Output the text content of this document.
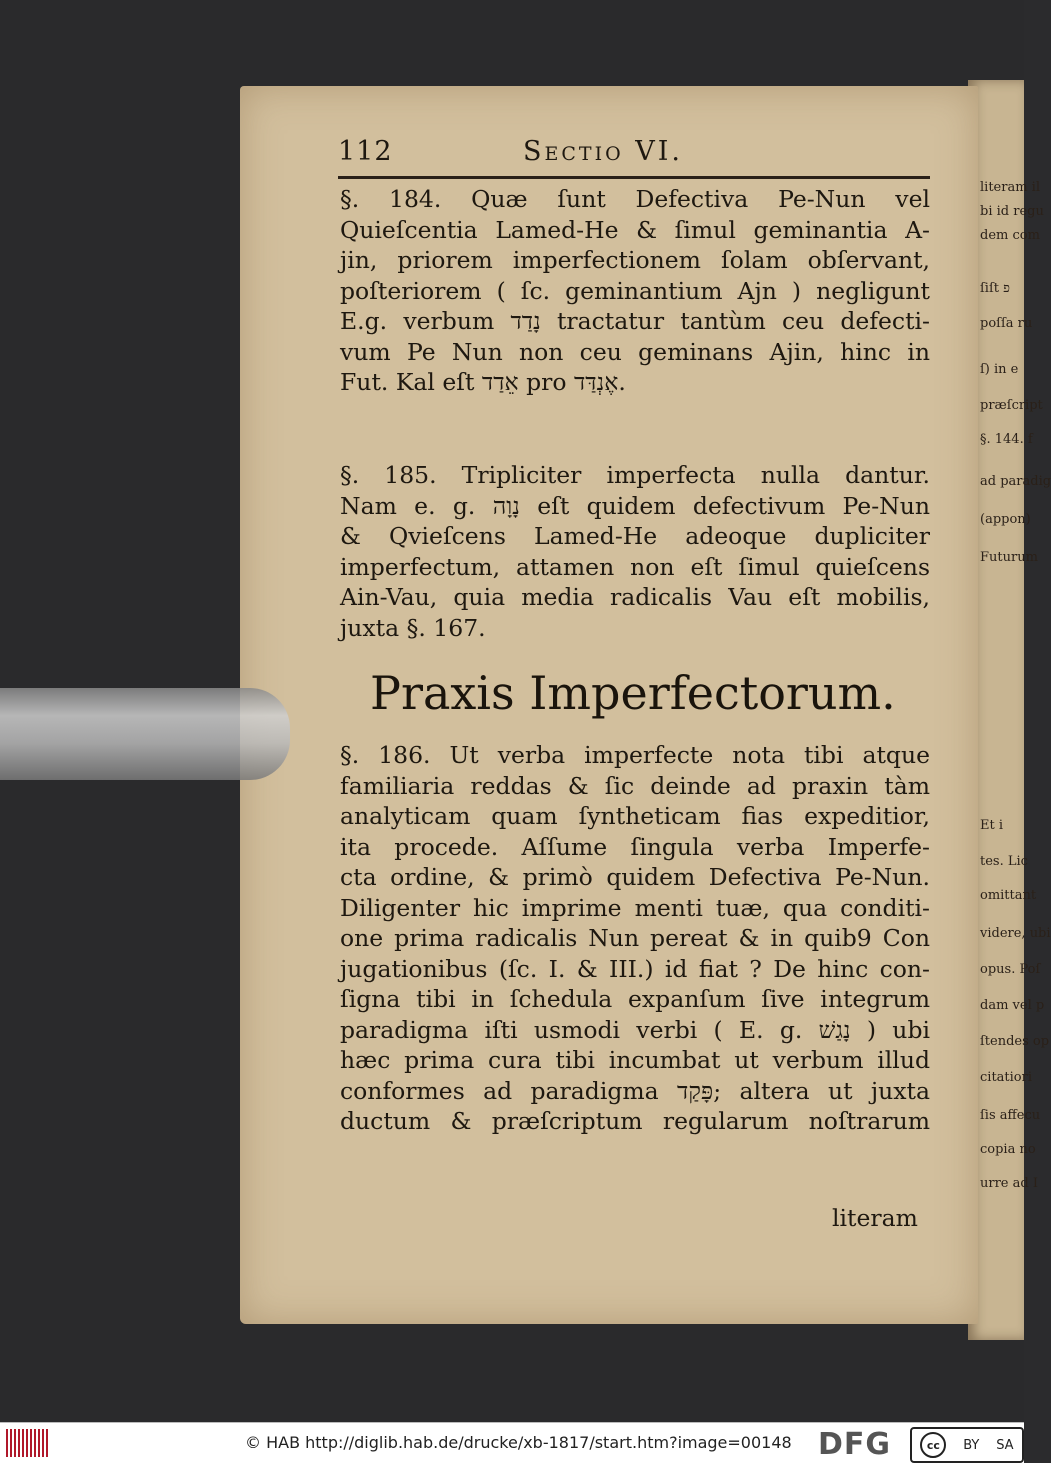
literam il
bi id regu
dem com
ſiſt פ
poſſa ru
ſ) in e
præſcript
§. 144. f
ad paradig
(appon)
Futurum
Et i
tes. Lic
omittant
videre, ubi
opus. Poſ
dam vel p
ſtendes op
citatiori
ſis affecu
copia no
urre ad I
112	Sectio VI.
§. 184. Quæ ſunt Defectiva Pe-Nun vel
Quieſcentia Lamed-He & ſimul geminantia A-
jin, priorem imperfectionem ſolam obſervant,
poſteriorem ( ſc. geminantium Ajn ) negligunt
E.g. verbum נָדַד tractatur tantùm ceu defecti-
vum Pe Nun non ceu geminans Ajin, hinc in
Fut. Kal eſt אֵדַד pro אֶנְדַּד.
§. 185. Tripliciter imperfecta nulla dantur.
Nam e. g. נָוָה eſt quidem defectivum Pe-Nun
& Qvieſcens Lamed-He adeoque dupliciter
imperfectum, attamen non eſt ſimul quieſcens
Ain-Vau, quia media radicalis Vau eſt mobilis,
juxta §. 167.
Praxis Imperfectorum.
§. 186. Ut verba imperfecte nota tibi atque
familiaria reddas & ſic deinde ad praxin tàm
analyticam quam ſyntheticam fias expeditior,
ita procede. Aſſume ſingula verba Imperfe-
cta ordine, & primò quidem Defectiva Pe-Nun.
Diligenter hic imprime menti tuæ, qua conditi-
one prima radicalis Nun pereat & in quib9 Con
jugationibus (ſc. I. & III.) id fiat ? De hinc con-
ſigna tibi in ſchedula expanſum ſive integrum
paradigma iſti usmodi verbi ( E. g. נָגַשׁ ) ubi
hæc prima cura tibi incumbat ut verbum illud
conformes ad paradigma פָּקַד; altera ut juxta
ductum & præſcriptum regularum noſtrarum
literam
© HAB http://diglib.hab.de/drucke/xb-1817/start.htm?image=00148 DFG	cc	BY SA
